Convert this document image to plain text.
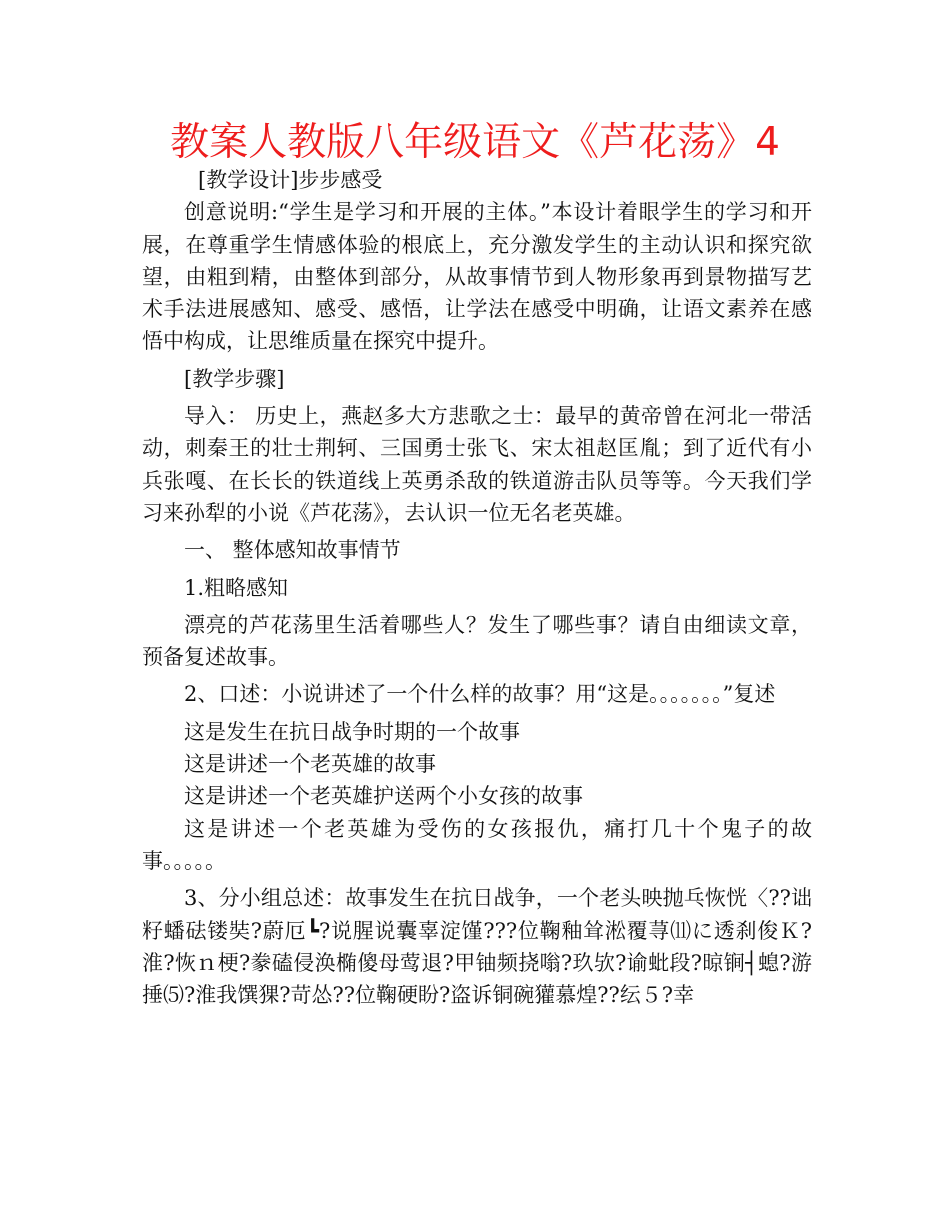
教案人教版八年级语文《芦花荡》4

[教学设计]步步感受

创意说明:“学生是学习和开展的主体。”本设计着眼学生的学习和开展，在尊重学生情感体验的根底上，充分激发学生的主动认识和探究欲望，由粗到精，由整体到部分，从故事情节到人物形象再到景物描写艺术手法进展感知、感受、感悟，让学法在感受中明确，让语文素养在感悟中构成，让思维质量在探究中提升。

[教学步骤]

导入： 历史上，燕赵多大方悲歌之士：最早的黄帝曾在河北一带活动，刺秦王的壮士荆轲、三国勇士张飞、宋太祖赵匡胤；到了近代有小兵张嘎、在长长的铁道线上英勇杀敌的铁道游击队员等等。今天我们学习来孙犁的小说《芦花荡》，去认识一位无名老英雄。

一、 整体感知故事情节

1.粗略感知

漂亮的芦花荡里生活着哪些人？发生了哪些事？请自由细读文章，预备复述故事。

2、口述：小说讲述了一个什么样的故事？用“这是。。。。。。。”复述

这是发生在抗日战争时期的一个故事

这是讲述一个老英雄的故事

这是讲述一个老英雄护送两个小女孩的故事

这是讲述一个老英雄为受伤的女孩报仇，痛打几十个鬼子的故事。。。。。

3、分小组总述：故事发生在抗日战争，一个老头映抛乓恢恍〈??诎籽蟠砝镂奘?蔚厄┗?说腥说囊辜淀馑???位鞠釉耸淞覆荨⑾に透刹俊Ｋ?淮?恢ｎ梗?豢磕侵涣椭傻母莺退?甲铀频挠嗡?玖欤?谕蚍段?晾锏┤螅?游捶⑸?淮我馔猓?苛怂??位鞠硬盼?盗诉铜碗獾慕煌??纭５?幸
